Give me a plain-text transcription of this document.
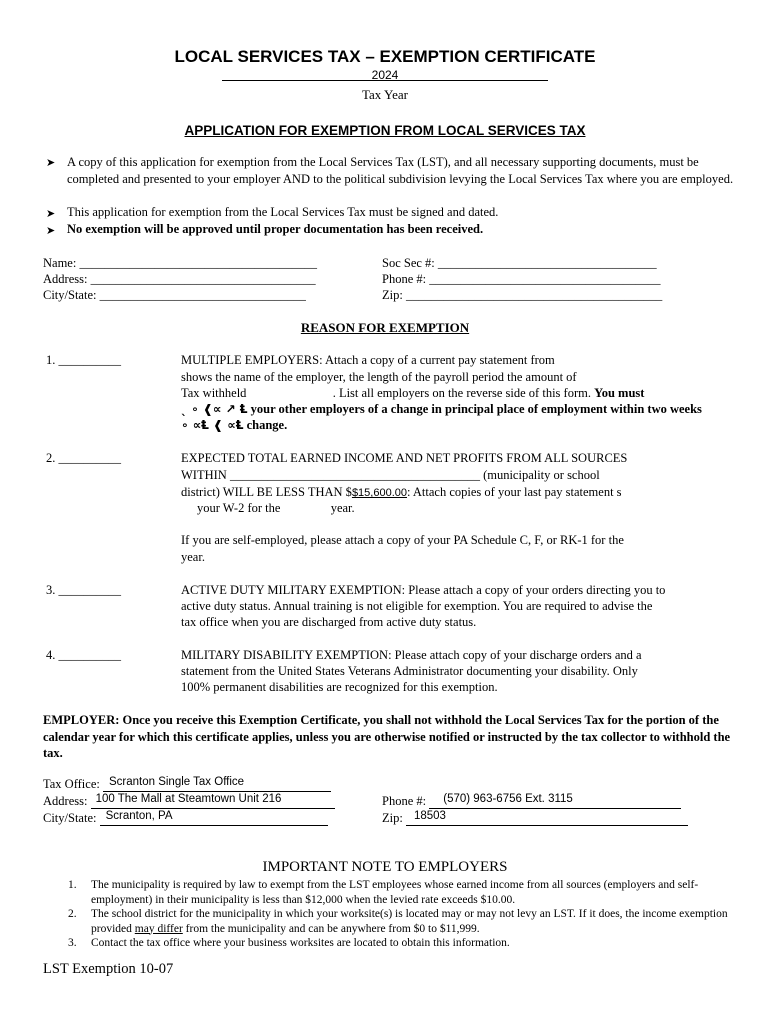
LOCAL SERVICES TAX – EXEMPTION CERTIFICATE
2024
Tax Year
APPLICATION FOR EXEMPTION FROM LOCAL SERVICES TAX
➤ A copy of this application for exemption from the Local Services Tax (LST), and all necessary supporting documents, must be completed and presented to your employer AND to the political subdivision levying the Local Services Tax where you are employed.
➤ This application for exemption from the Local Services Tax must be signed and dated.
➤ No exemption will be approved until proper documentation has been received.
Name: ______________________________________
Address: ____________________________________
City/State: _________________________________
Soc Sec #: ___________________________________
Phone #: _____________________________________
Zip: _________________________________________
REASON FOR EXEMPTION
1. __________	MULTIPLE EMPLOYERS: Attach a copy of a current pay statement from
shows the name of the employer, the length of the payroll period the amount of
Tax withheld	. List all employers on the reverse side of this form. You must
ˎ ∘ ❰∝ ↗ Ⱡ your other employers of a change in principal place of employment within two weeks
∘ ∝Ⱡ ❰ ∝Ⱡ change.
2. __________	EXPECTED TOTAL EARNED INCOME AND NET PROFITS FROM ALL SOURCES
WITHIN ________________________________________ (municipality or school
district) WILL BE LESS THAN $$15,600.00: Attach copies of your last pay statement s
your W-2 for the	year.
If you are self-employed, please attach a copy of your PA Schedule C, F, or RK-1 for the
year.
3. __________	ACTIVE DUTY MILITARY EXEMPTION: Please attach a copy of your orders directing you to
active duty status. Annual training is not eligible for exemption. You are required to advise the
tax office when you are discharged from active duty status.
4. __________	MILITARY DISABILITY EXEMPTION: Please attach copy of your discharge orders and a
statement from the United States Veterans Administrator documenting your disability. Only
100% permanent disabilities are recognized for this exemption.
EMPLOYER: Once you receive this Exemption Certificate, you shall not withhold the Local Services Tax for the portion of the calendar year for which this certificate applies, unless you are otherwise notified or instructed by the tax collector to withhold the tax.
Tax Office: Scranton Single Tax Office
Address: 100 The Mall at Steamtown Unit 216
City/State: Scranton, PA
Phone #: (570) 963-6756 Ext. 3115
Zip: 18503
IMPORTANT NOTE TO EMPLOYERS
1. The municipality is required by law to exempt from the LST employees whose earned income from all sources (employers and self-employment) in their municipality is less than $12,000 when the levied rate exceeds $10.00.
2. The school district for the municipality in which your worksite(s) is located may or may not levy an LST. If it does, the income exemption provided may differ from the municipality and can be anywhere from $0 to $11,999.
3. Contact the tax office where your business worksites are located to obtain this information.
LST Exemption 10-07
